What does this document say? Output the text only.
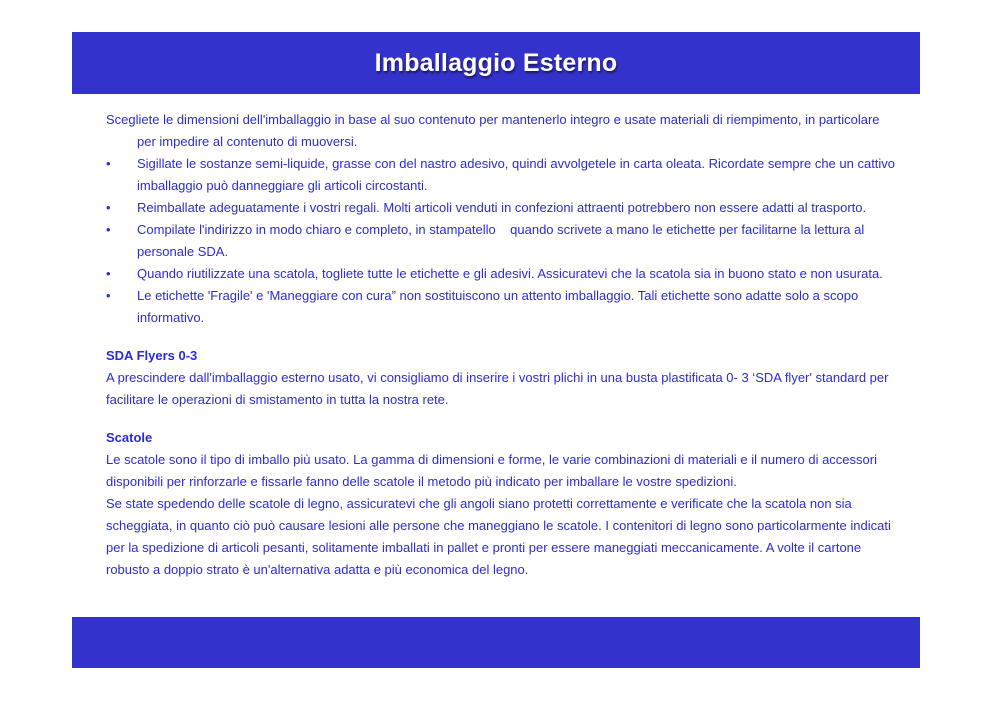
Imballaggio Esterno

Scegliete le dimensioni dell'imballaggio in base al suo contenuto per mantenerlo integro e usate materiali di riempimento, in particolare per impedire al contenuto di muoversi.

• Sigillate le sostanze semi-liquide, grasse con del nastro adesivo, quindi avvolgetele in carta oleata. Ricordate sempre che un cattivo imballaggio può danneggiare gli articoli circostanti.
• Reimballate adeguatamente i vostri regali. Molti articoli venduti in confezioni attraenti potrebbero non essere adatti al trasporto.
• Compilate l'indirizzo in modo chiaro e completo, in stampatello    quando scrivete a mano le etichette per facilitarne la lettura al personale SDA.
• Quando riutilizzate una scatola, togliete tutte le etichette e gli adesivi. Assicuratevi che la scatola sia in buono stato e non usurata.
• Le etichette 'Fragile' e 'Maneggiare con cura” non sostituiscono un attento imballaggio. Tali etichette sono adatte solo a scopo informativo.

SDA Flyers 0-3

A prescindere dall'imballaggio esterno usato, vi consigliamo di inserire i vostri plichi in una busta plastificata 0- 3 ‘SDA flyer' standard per facilitare le operazioni di smistamento in tutta la nostra rete.

Scatole

Le scatole sono il tipo di imballo più usato. La gamma di dimensioni e forme, le varie combinazioni di materiali e il numero di accessori disponibili per rinforzarle e fissarle fanno delle scatole il metodo più indicato per imballare le vostre spedizioni.

Se state spedendo delle scatole di legno, assicuratevi che gli angoli siano protetti correttamente e verificate che la scatola non sia scheggiata, in quanto ciò può causare lesioni alle persone che maneggiano le scatole. I contenitori di legno sono particolarmente indicati per la spedizione di articoli pesanti, solitamente imballati in pallet e pronti per essere maneggiati meccanicamente. A volte il cartone robusto a doppio strato è un'alternativa adatta e più economica del legno.
